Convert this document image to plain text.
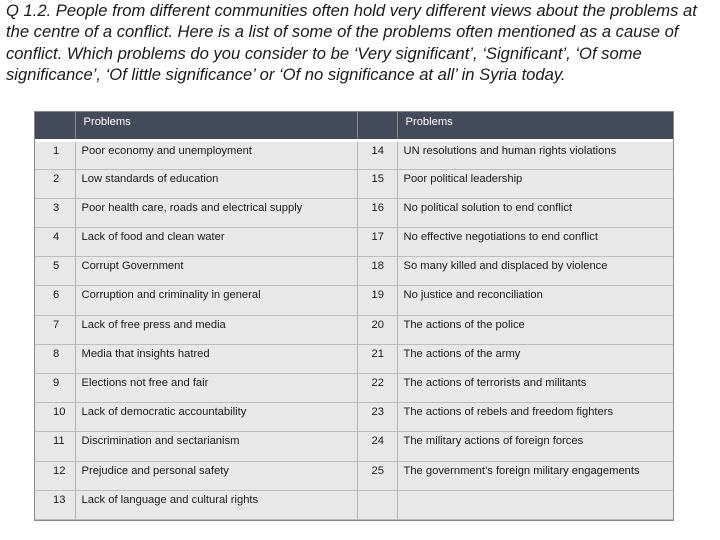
Q 1.2. People from different communities often hold very different views about the problems at the centre of a conflict. Here is a list of some of the problems often mentioned as a cause of conflict. Which problems do you consider to be ‘Very significant’, ‘Significant’, ‘Of some significance’, ‘Of little significance’ or ‘Of no significance at all’ in Syria today.

	Problems		Problems
1	Poor economy and unemployment	14	UN resolutions and human rights violations
2	Low standards of education	15	Poor political leadership
3	Poor health care, roads and electrical supply	16	No political solution to end conflict
4	Lack of food and clean water	17	No effective negotiations to end conflict
5	Corrupt Government	18	So many killed and displaced by violence
6	Corruption and criminality in general	19	No justice and reconciliation
7	Lack of free press and media	20	The actions of the police
8	Media that insights hatred	21	The actions of the army
9	Elections not free and fair	22	The actions of terrorists and militants
10	Lack of democratic accountability	23	The actions of rebels and freedom fighters
11	Discrimination and sectarianism	24	The military actions of foreign forces
12	Prejudice and personal safety	25	The government’s foreign military engagements
13	Lack of language and cultural rights		
